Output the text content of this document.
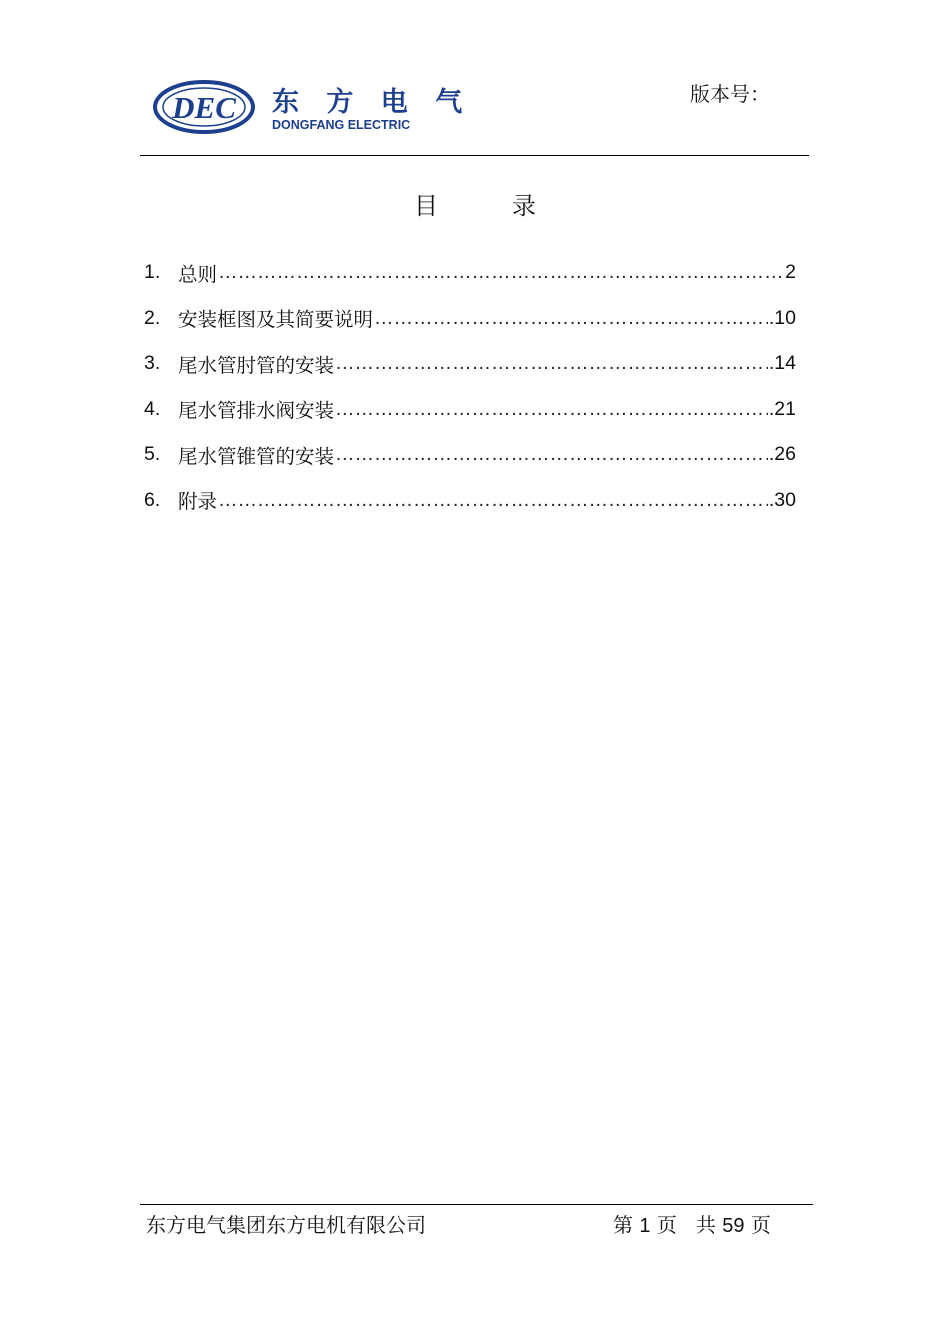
DEC 东 方 电 气
DONGFANG ELECTRIC
版本号：
目	录
1. 总则 ……………………………………………………………………………………………………………………	2
2. 安装框图及其简要说明 ……………………………………………………………………………………………………………………	.10
3. 尾水管肘管的安装 ……………………………………………………………………………………………………………………	.14
4. 尾水管排水阀安装 ……………………………………………………………………………………………………………………	.21
5. 尾水管锥管的安装 ……………………………………………………………………………………………………………………	.26
6. 附录 ……………………………………………………………………………………………………………………	.30
东方电气集团东方电机有限公司	第 1 页 共 59 页
